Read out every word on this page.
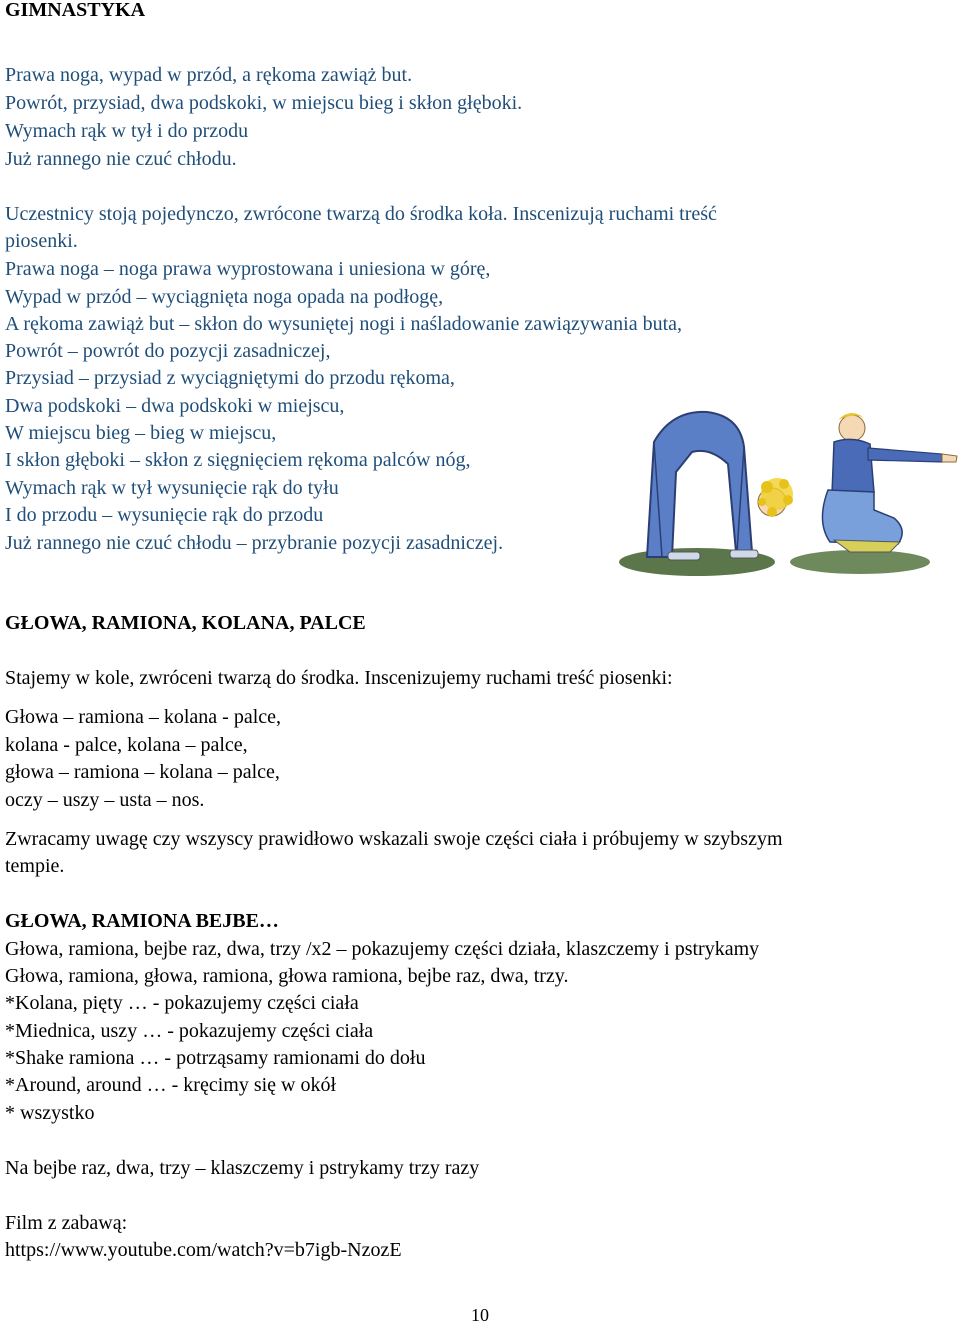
GIMNASTYKA
Prawa noga, wypad w przód, a rękoma zawiąż but.
Powrót, przysiad, dwa podskoki, w miejscu bieg i skłon głęboki.
Wymach rąk w tył i do przodu
Już rannego nie czuć chłodu.
Uczestnicy stoją pojedynczo, zwrócone twarzą do środka koła. Inscenizują ruchami treść
piosenki.
Prawa noga – noga prawa wyprostowana i uniesiona w górę,
Wypad w przód – wyciągnięta noga opada na podłogę,
A rękoma zawiąż but – skłon do wysuniętej nogi i naśladowanie zawiązywania buta,
Powrót – powrót do pozycji zasadniczej,
Przysiad – przysiad z wyciągniętymi do przodu rękoma,
Dwa podskoki – dwa podskoki w miejscu,
W miejscu bieg – bieg w miejscu,
I skłon głęboki – skłon z sięgnięciem rękoma palców nóg,
Wymach rąk w tył wysunięcie rąk do tyłu
I do przodu – wysunięcie rąk do przodu
Już rannego nie czuć chłodu – przybranie pozycji zasadniczej.
GŁOWA, RAMIONA, KOLANA, PALCE
Stajemy w kole, zwróceni twarzą do środka. Inscenizujemy ruchami treść piosenki:
Głowa – ramiona – kolana - palce,
kolana - palce, kolana – palce,
głowa – ramiona – kolana – palce,
oczy – uszy – usta – nos.
Zwracamy uwagę czy wszyscy prawidłowo wskazali swoje części ciała i próbujemy w szybszym
tempie.
GŁOWA, RAMIONA BEJBE…
Głowa, ramiona, bejbe raz, dwa, trzy /x2 – pokazujemy części działa, klaszczemy i pstrykamy
Głowa, ramiona, głowa, ramiona, głowa ramiona, bejbe raz, dwa, trzy.
*Kolana, pięty … - pokazujemy części ciała
*Miednica, uszy … - pokazujemy części ciała
*Shake ramiona … - potrząsamy ramionami do dołu
*Around, around … - kręcimy się w okół
* wszystko
Na bejbe raz, dwa, trzy – klaszczemy i pstrykamy trzy razy
Film z zabawą:
https://www.youtube.com/watch?v=b7igb-NzozE
10
